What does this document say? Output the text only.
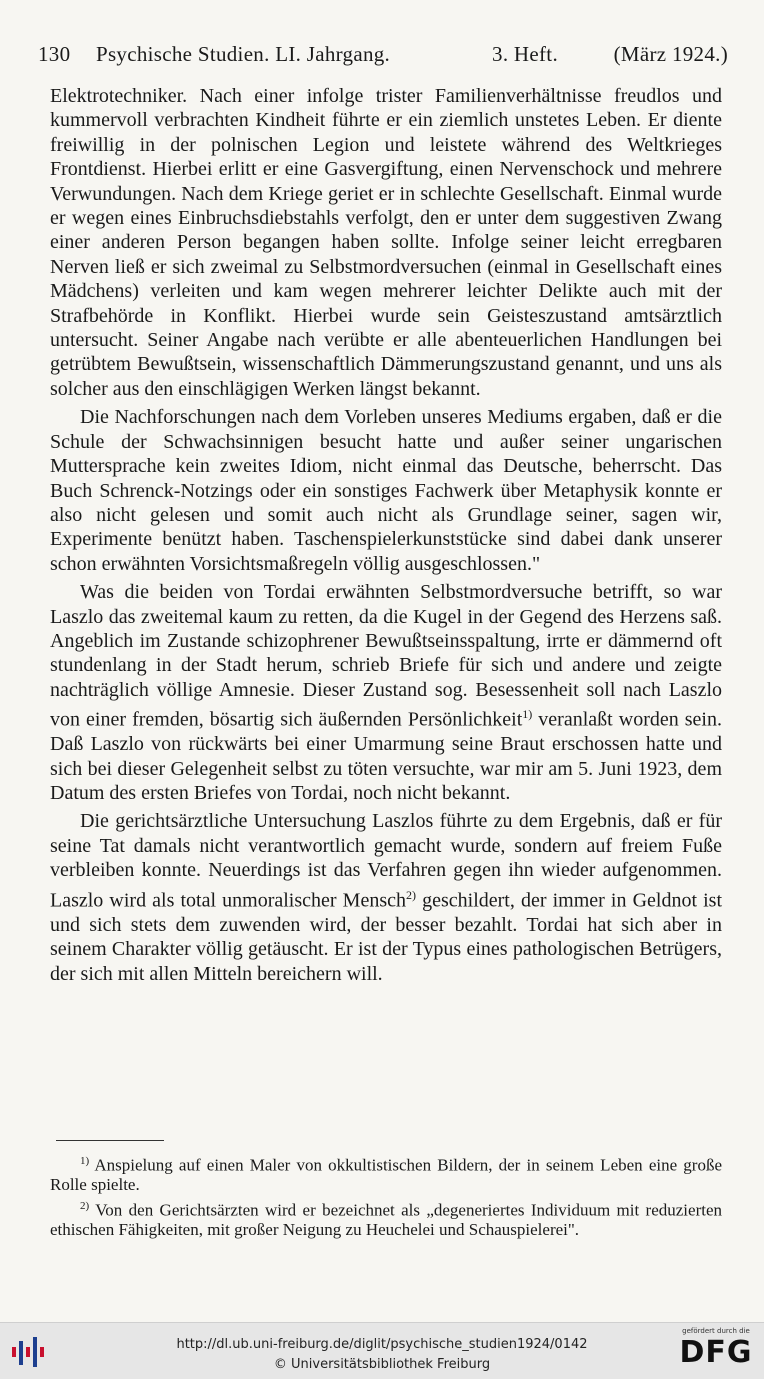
130 Psychische Studien. LI. Jahrgang.	3. Heft.	(März 1924.)

Elektrotechniker. Nach einer infolge trister Familienverhältnisse freudlos und kummervoll verbrachten Kindheit führte er ein ziemlich unstetes Leben. Er diente freiwillig in der polnischen Legion und leistete während des Weltkrieges Frontdienst. Hierbei erlitt er eine Gasvergiftung, einen Nervenschock und mehrere Verwundungen. Nach dem Kriege geriet er in schlechte Gesellschaft. Einmal wurde er wegen eines Einbruchsdiebstahls verfolgt, den er unter dem suggestiven Zwang einer anderen Person begangen haben sollte. Infolge seiner leicht erregbaren Nerven ließ er sich zweimal zu Selbstmordversuchen (einmal in Gesellschaft eines Mädchens) verleiten und kam wegen mehrerer leichter Delikte auch mit der Strafbehörde in Konflikt. Hierbei wurde sein Geisteszustand amtsärztlich untersucht. Seiner Angabe nach verübte er alle abenteuerlichen Handlungen bei getrübtem Bewußtsein, wissenschaftlich Dämmerungszustand genannt, und uns als solcher aus den einschlägigen Werken längst bekannt.

Die Nachforschungen nach dem Vorleben unseres Mediums ergaben, daß er die Schule der Schwachsinnigen besucht hatte und außer seiner ungarischen Muttersprache kein zweites Idiom, nicht einmal das Deutsche, beherrscht. Das Buch Schrenck-Notzings oder ein sonstiges Fachwerk über Metaphysik konnte er also nicht gelesen und somit auch nicht als Grundlage seiner, sagen wir, Experimente benützt haben. Taschenspielerkunststücke sind dabei dank unserer schon erwähnten Vorsichtsmaßregeln völlig ausgeschlossen."

Was die beiden von Tordai erwähnten Selbstmordversuche betrifft, so war Laszlo das zweitemal kaum zu retten, da die Kugel in der Gegend des Herzens saß. Angeblich im Zustande schizophrener Bewußtseinsspaltung, irrte er dämmernd oft stundenlang in der Stadt herum, schrieb Briefe für sich und andere und zeigte nachträglich völlige Amnesie. Dieser Zustand sog. Besessenheit soll nach Laszlo von einer fremden, bösartig sich äußernden Persönlichkeit$^{1)}$ veranlaßt worden sein. Daß Laszlo von rückwärts bei einer Umarmung seine Braut erschossen hatte und sich bei dieser Gelegenheit selbst zu töten versuchte, war mir am 5. Juni 1923, dem Datum des ersten Briefes von Tordai, noch nicht bekannt.

Die gerichtsärztliche Untersuchung Laszlos führte zu dem Ergebnis, daß er für seine Tat damals nicht verantwortlich gemacht wurde, sondern auf freiem Fuße verbleiben konnte. Neuerdings ist das Verfahren gegen ihn wieder aufgenommen. Laszlo wird als total unmoralischer Mensch$^{2)}$ geschildert, der immer in Geldnot ist und sich stets dem zuwenden wird, der besser bezahlt. Tordai hat sich aber in seinem Charakter völlig getäuscht. Er ist der Typus eines pathologischen Betrügers, der sich mit allen Mitteln bereichern will.

$^{1)}$ Anspielung auf einen Maler von okkultistischen Bildern, der in seinem Leben eine große Rolle spielte.

$^{2)}$ Von den Gerichtsärzten wird er bezeichnet als „degeneriertes Individuum mit reduzierten ethischen Fähigkeiten, mit großer Neigung zu Heuchelei und Schauspielerei".

http://dl.ub.uni-freiburg.de/diglit/psychische_studien1924/0142
© Universitätsbibliothek Freiburg
gefördert durch die
DFG
